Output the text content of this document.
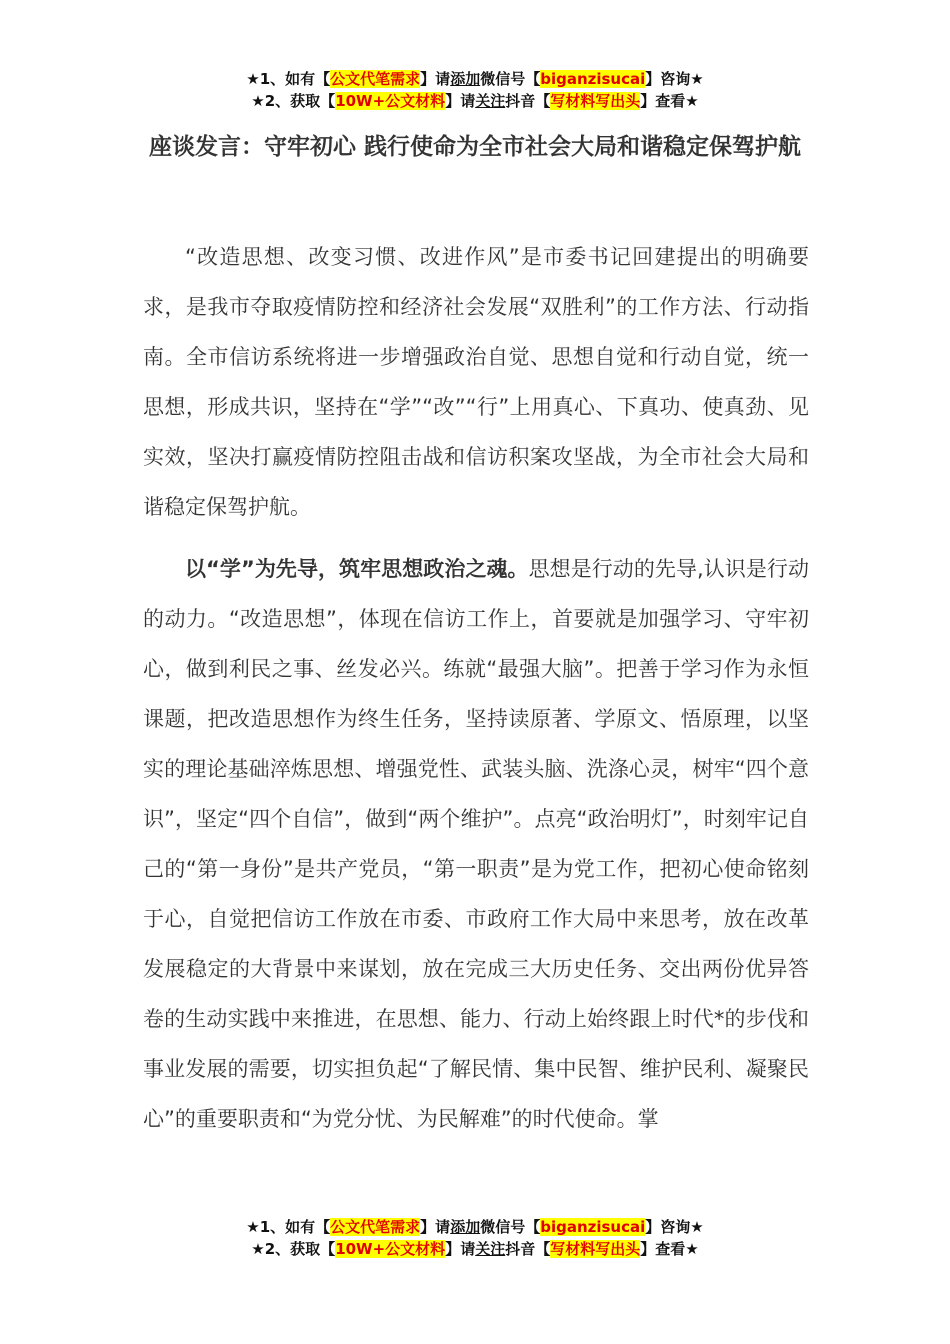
★1、如有【公文代笔需求】请添加微信号【biganzisucai】咨询★
★2、获取【10W+公文材料】请关注抖音【写材料写出头】查看★
座谈发言：守牢初心 践行使命为全市社会大局和谐稳定保驾护航

“改造思想、改变习惯、改进作风”是市委书记回建提出的明确要求，是我市夺取疫情防控和经济社会发展“双胜利”的工作方法、行动指南。全市信访系统将进一步增强政治自觉、思想自觉和行动自觉，统一思想，形成共识，坚持在“学”“改”“行”上用真心、下真功、使真劲、见实效，坚决打赢疫情防控阻击战和信访积案攻坚战，为全市社会大局和谐稳定保驾护航。

以“学”为先导，筑牢思想政治之魂。思想是行动的先导,认识是行动的动力。“改造思想”，体现在信访工作上，首要就是加强学习、守牢初心，做到利民之事、丝发必兴。练就“最强大脑”。把善于学习作为永恒课题，把改造思想作为终生任务，坚持读原著、学原文、悟原理，以坚实的理论基础淬炼思想、增强党性、武装头脑、洗涤心灵，树牢“四个意识”，坚定“四个自信”，做到“两个维护”。点亮“政治明灯”，时刻牢记自己的“第一身份”是共产党员，“第一职责”是为党工作，把初心使命铭刻于心，自觉把信访工作放在市委、市政府工作大局中来思考，放在改革发展稳定的大背景中来谋划，放在完成三大历史任务、交出两份优异答卷的生动实践中来推进，在思想、能力、行动上始终跟上时代*的步伐和事业发展的需要，切实担负起“了解民情、集中民智、维护民利、凝聚民心”的重要职责和“为党分忧、为民解难”的时代使命。掌

★1、如有【公文代笔需求】请添加微信号【biganzisucai】咨询★
★2、获取【10W+公文材料】请关注抖音【写材料写出头】查看★
